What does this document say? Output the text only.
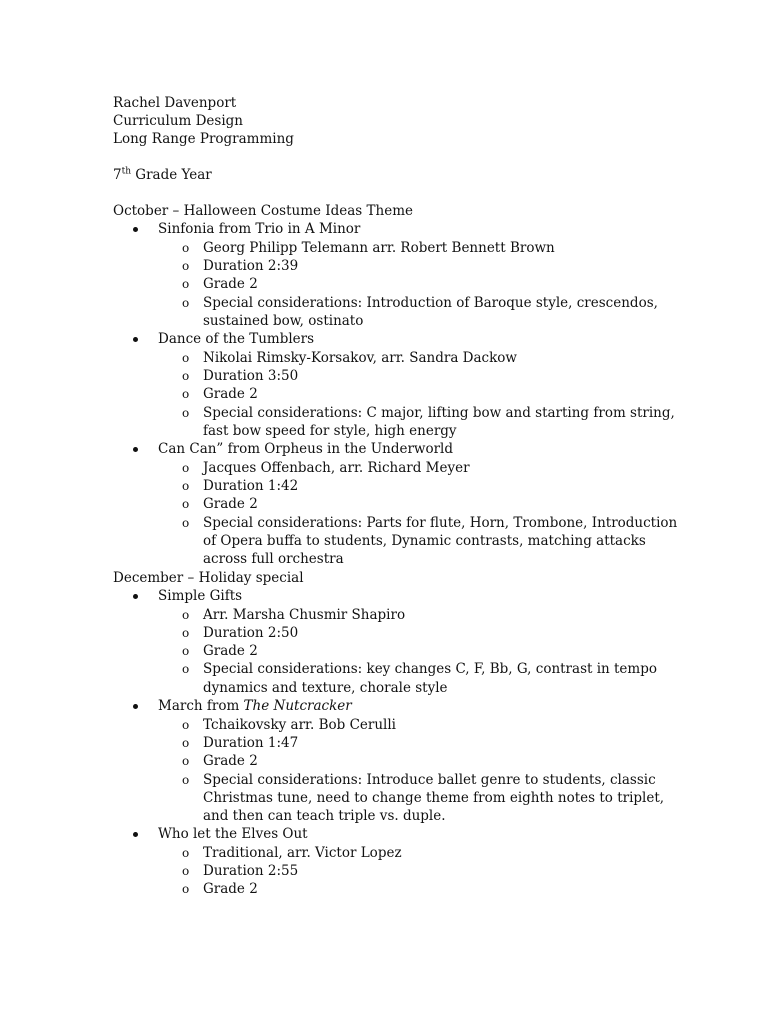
Rachel Davenport
Curriculum Design
Long Range Programming
7th Grade Year
October – Halloween Costume Ideas Theme
Sinfonia from Trio in A Minor
o Georg Philipp Telemann arr. Robert Bennett Brown
o Duration 2:39
o Grade 2
o Special considerations: Introduction of Baroque style, crescendos,
sustained bow, ostinato
Dance of the Tumblers
o Nikolai Rimsky-Korsakov, arr. Sandra Dackow
o Duration 3:50
o Grade 2
o Special considerations: C major, lifting bow and starting from string,
fast bow speed for style, high energy
Can Can” from Orpheus in the Underworld
o Jacques Offenbach, arr. Richard Meyer
o Duration 1:42
o Grade 2
o Special considerations: Parts for flute, Horn, Trombone, Introduction
of Opera buffa to students, Dynamic contrasts, matching attacks
across full orchestra
December – Holiday special
Simple Gifts
o Arr. Marsha Chusmir Shapiro
o Duration 2:50
o Grade 2
o Special considerations: key changes C, F, Bb, G, contrast in tempo
dynamics and texture, chorale style
March from The Nutcracker
o Tchaikovsky arr. Bob Cerulli
o Duration 1:47
o Grade 2
o Special considerations: Introduce ballet genre to students, classic
Christmas tune, need to change theme from eighth notes to triplet,
and then can teach triple vs. duple.
Who let the Elves Out
o Traditional, arr. Victor Lopez
o Duration 2:55
o Grade 2
